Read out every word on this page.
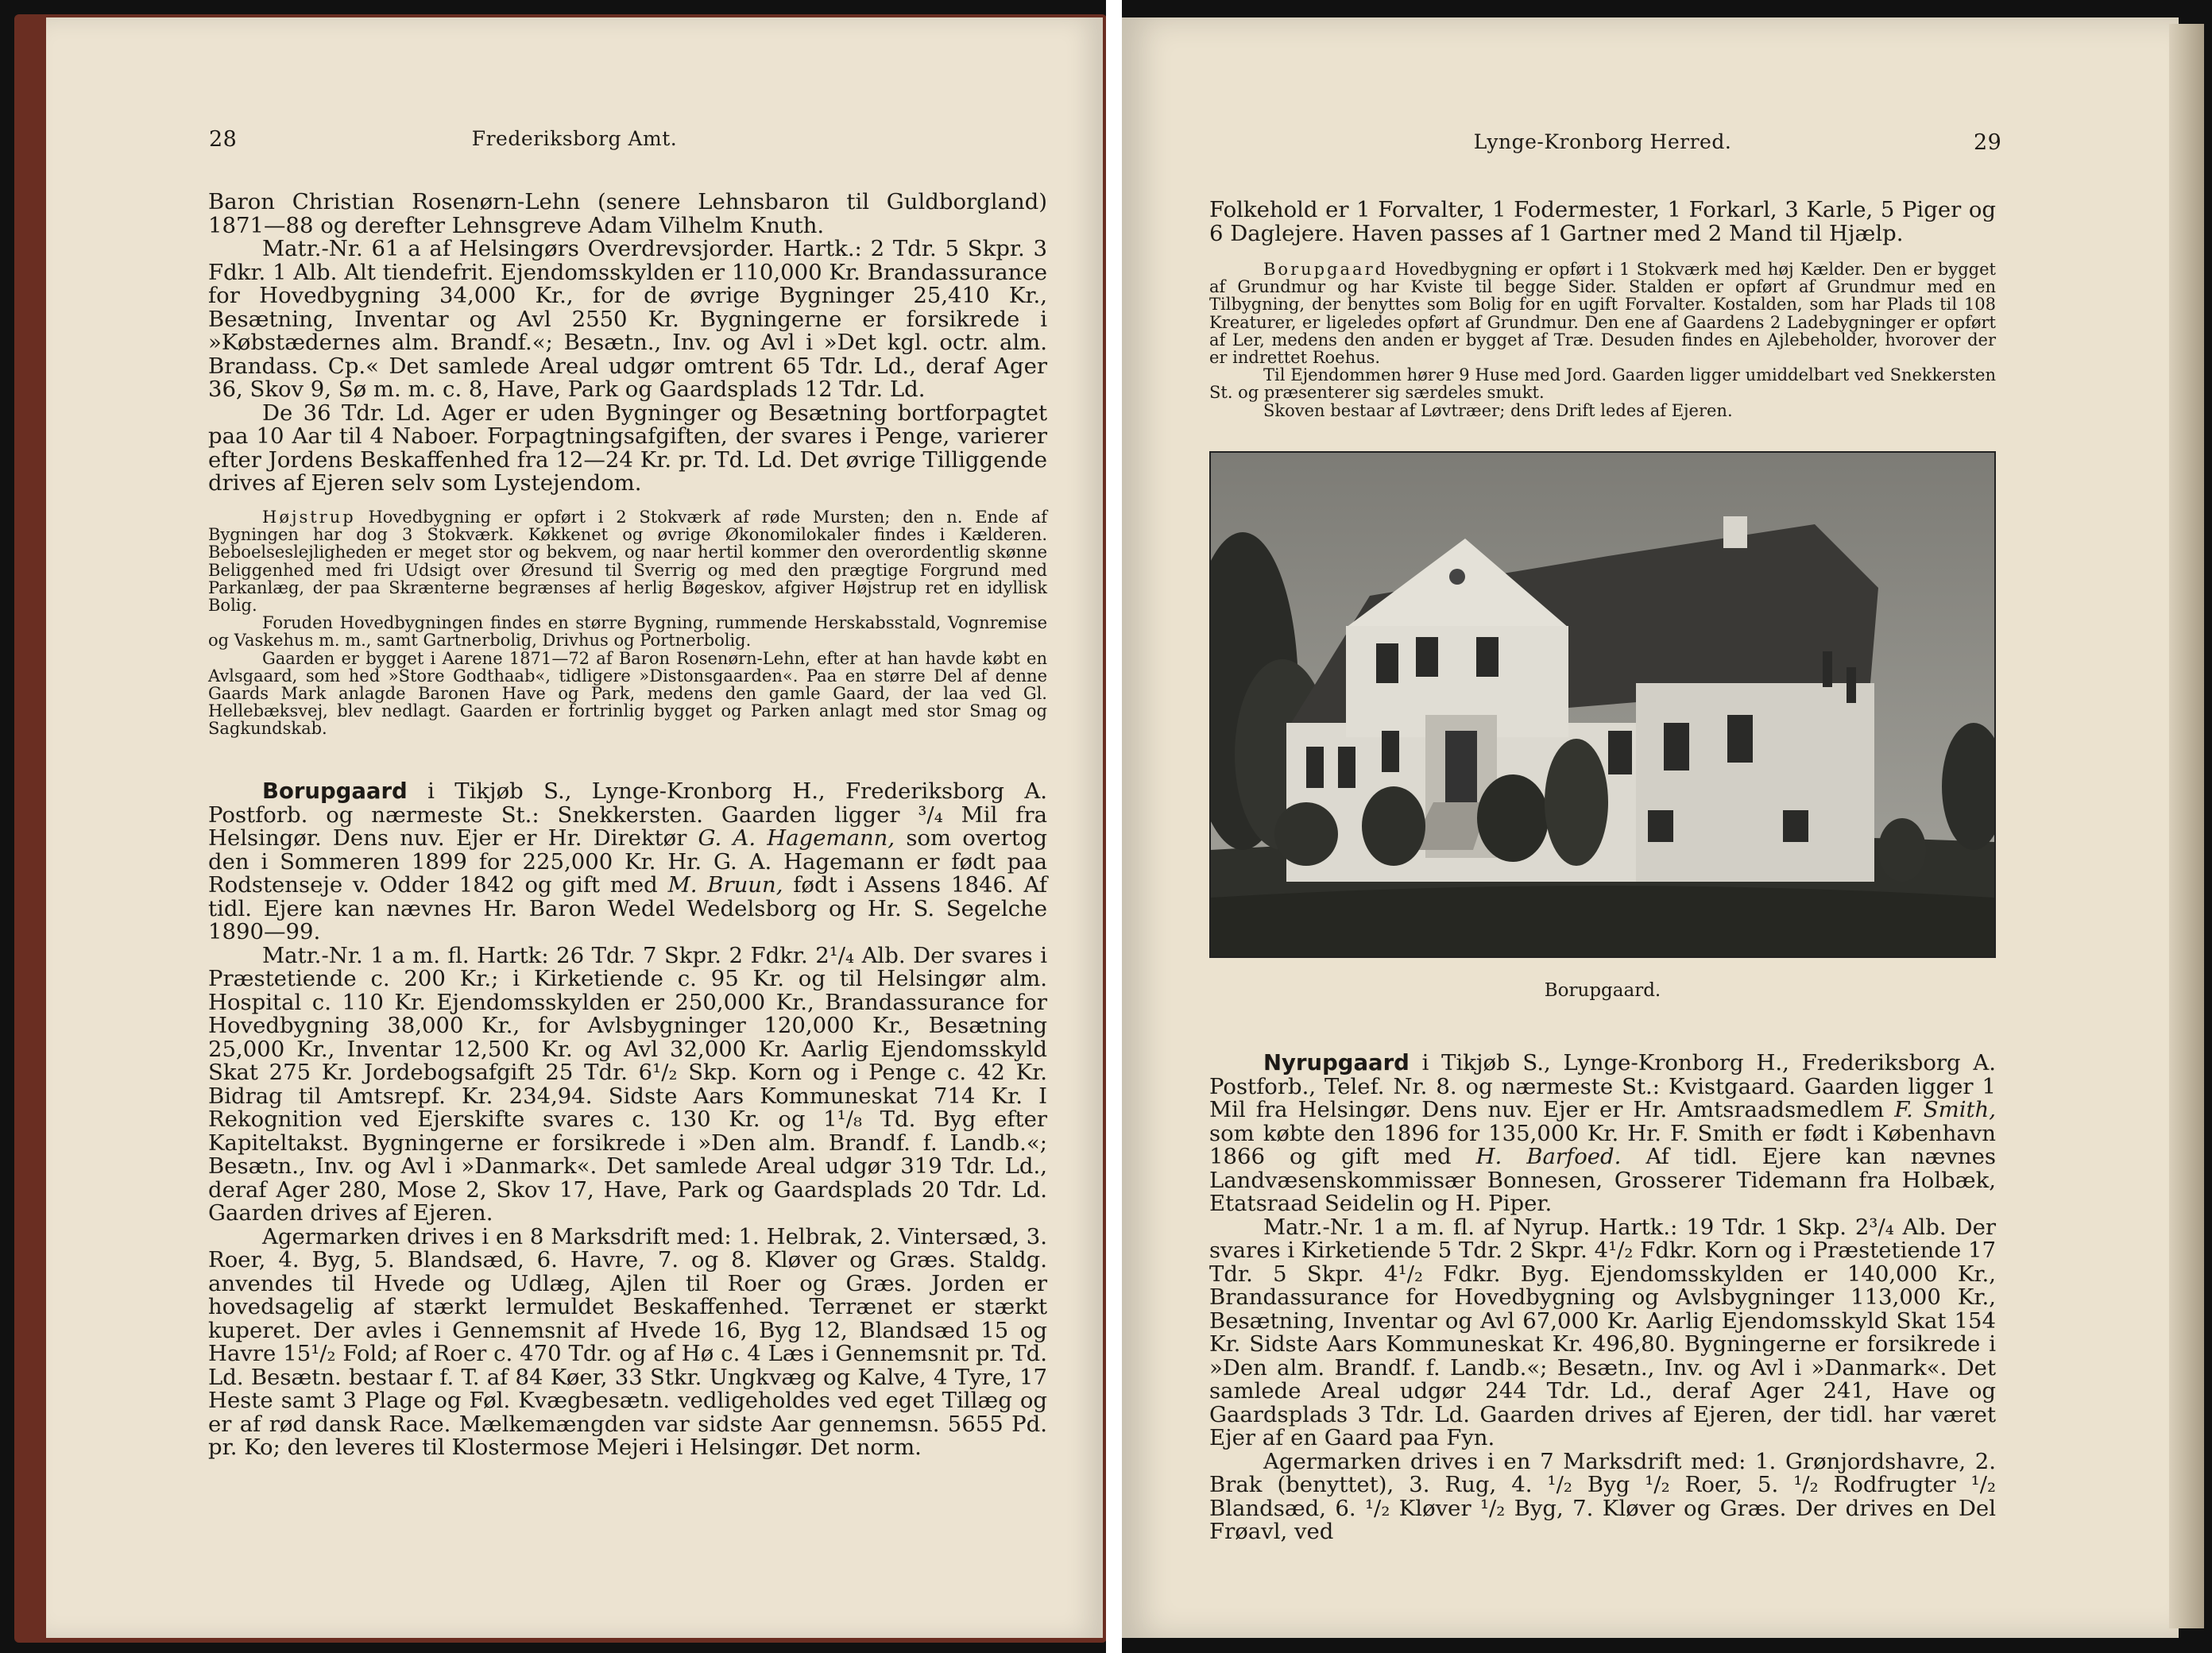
28	Frederiksborg Amt.

Baron Christian Rosenørn-Lehn (senere Lehnsbaron til Guldborgland) 1871—88 og derefter Lehnsgreve Adam Vilhelm Knuth.

Matr.-Nr. 61 a af Helsingørs Overdrevsjorder. Hartk.: 2 Tdr. 5 Skpr. 3 Fdkr. 1 Alb. Alt tiendefrit. Ejendomsskylden er 110,000 Kr. Brandassurance for Hovedbygning 34,000 Kr., for de øvrige Bygninger 25,410 Kr., Besætning, Inventar og Avl 2550 Kr. Bygningerne er forsikrede i »Købstædernes alm. Brandf.«; Besætn., Inv. og Avl i »Det kgl. octr. alm. Brandass. Cp.« Det samlede Areal udgør omtrent 65 Tdr. Ld., deraf Ager 36, Skov 9, Sø m. m. c. 8, Have, Park og Gaardsplads 12 Tdr. Ld.

De 36 Tdr. Ld. Ager er uden Bygninger og Besætning bortforpagtet paa 10 Aar til 4 Naboer. Forpagtningsafgiften, der svares i Penge, varierer efter Jordens Beskaffenhed fra 12—24 Kr. pr. Td. Ld. Det øvrige Tilliggende drives af Ejeren selv som Lystejendom.

Højstrup Hovedbygning er opført i 2 Stokværk af røde Mursten; den n. Ende af Bygningen har dog 3 Stokværk. Køkkenet og øvrige Økonomilokaler findes i Kælderen. Beboelseslejligheden er meget stor og bekvem, og naar hertil kommer den overordentlig skønne Beliggenhed med fri Udsigt over Øresund til Sverrig og med den prægtige Forgrund med Parkanlæg, der paa Skrænterne begrænses af herlig Bøgeskov, afgiver Højstrup ret en idyllisk Bolig.

Foruden Hovedbygningen findes en større Bygning, rummende Herskabsstald, Vognremise og Vaskehus m. m., samt Gartnerbolig, Drivhus og Portnerbolig.

Gaarden er bygget i Aarene 1871—72 af Baron Rosenørn-Lehn, efter at han havde købt en Avlsgaard, som hed »Store Godthaab«, tidligere »Distonsgaarden«. Paa en større Del af denne Gaards Mark anlagde Baronen Have og Park, medens den gamle Gaard, der laa ved Gl. Hellebæksvej, blev nedlagt. Gaarden er fortrinlig bygget og Parken anlagt med stor Smag og Sagkundskab.

Borupgaard i Tikjøb S., Lynge-Kronborg H., Frederiksborg A. Postforb. og nærmeste St.: Snekkersten. Gaarden ligger ³/₄ Mil fra Helsingør. Dens nuv. Ejer er Hr. Direktør G. A. Hagemann, som overtog den i Sommeren 1899 for 225,000 Kr. Hr. G. A. Hagemann er født paa Rodstenseje v. Odder 1842 og gift med M. Bruun, født i Assens 1846. Af tidl. Ejere kan nævnes Hr. Baron Wedel Wedelsborg og Hr. S. Segelche 1890—99.

Matr.-Nr. 1 a m. fl. Hartk: 26 Tdr. 7 Skpr. 2 Fdkr. 2¹/₄ Alb. Der svares i Præstetiende c. 200 Kr.; i Kirketiende c. 95 Kr. og til Helsingør alm. Hospital c. 110 Kr. Ejendomsskylden er 250,000 Kr., Brandassurance for Hovedbygning 38,000 Kr., for Avlsbygninger 120,000 Kr., Besætning 25,000 Kr., Inventar 12,500 Kr. og Avl 32,000 Kr. Aarlig Ejendomsskyld Skat 275 Kr. Jordebogsafgift 25 Tdr. 6¹/₂ Skp. Korn og i Penge c. 42 Kr. Bidrag til Amtsrepf. Kr. 234,94. Sidste Aars Kommuneskat 714 Kr. I Rekognition ved Ejerskifte svares c. 130 Kr. og 1¹/₈ Td. Byg efter Kapiteltakst. Bygningerne er forsikrede i »Den alm. Brandf. f. Landb.«; Besætn., Inv. og Avl i »Danmark«. Det samlede Areal udgør 319 Tdr. Ld., deraf Ager 280, Mose 2, Skov 17, Have, Park og Gaardsplads 20 Tdr. Ld. Gaarden drives af Ejeren.

Agermarken drives i en 8 Marksdrift med: 1. Helbrak, 2. Vintersæd, 3. Roer, 4. Byg, 5. Blandsæd, 6. Havre, 7. og 8. Kløver og Græs. Staldg. anvendes til Hvede og Udlæg, Ajlen til Roer og Græs. Jorden er hovedsagelig af stærkt lermuldet Beskaffenhed. Terrænet er stærkt kuperet. Der avles i Gennemsnit af Hvede 16, Byg 12, Blandsæd 15 og Havre 15¹/₂ Fold; af Roer c. 470 Tdr. og af Hø c. 4 Læs i Gennemsnit pr. Td. Ld. Besætn. bestaar f. T. af 84 Køer, 33 Stkr. Ungkvæg og Kalve, 4 Tyre, 17 Heste samt 3 Plage og Føl. Kvægbesætn. vedligeholdes ved eget Tillæg og er af rød dansk Race. Mælkemængden var sidste Aar gennemsn. 5655 Pd. pr. Ko; den leveres til Klostermose Mejeri i Helsingør. Det norm.

Lynge-Kronborg Herred.	29

Folkehold er 1 Forvalter, 1 Fodermester, 1 Forkarl, 3 Karle, 5 Piger og 6 Daglejere. Haven passes af 1 Gartner med 2 Mand til Hjælp.

Borupgaard Hovedbygning er opført i 1 Stokværk med høj Kælder. Den er bygget af Grundmur og har Kviste til begge Sider. Stalden er opført af Grundmur med en Tilbygning, der benyttes som Bolig for en ugift Forvalter. Kostalden, som har Plads til 108 Kreaturer, er ligeledes opført af Grundmur. Den ene af Gaardens 2 Ladebygninger er opført af Ler, medens den anden er bygget af Træ. Desuden findes en Ajlebeholder, hvorover der er indrettet Roehus.

Til Ejendommen hører 9 Huse med Jord. Gaarden ligger umiddelbart ved Snekkersten St. og præsenterer sig særdeles smukt.

Skoven bestaar af Løvtræer; dens Drift ledes af Ejeren.

Borupgaard.

Nyrupgaard i Tikjøb S., Lynge-Kronborg H., Frederiksborg A. Postforb., Telef. Nr. 8. og nærmeste St.: Kvistgaard. Gaarden ligger 1 Mil fra Helsingør. Dens nuv. Ejer er Hr. Amtsraadsmedlem F. Smith, som købte den 1896 for 135,000 Kr. Hr. F. Smith er født i København 1866 og gift med H. Barfoed. Af tidl. Ejere kan nævnes Landvæsenskommissær Bonnesen, Grosserer Tidemann fra Holbæk, Etatsraad Seidelin og H. Piper.

Matr.-Nr. 1 a m. fl. af Nyrup. Hartk.: 19 Tdr. 1 Skp. 2³/₄ Alb. Der svares i Kirketiende 5 Tdr. 2 Skpr. 4¹/₂ Fdkr. Korn og i Præstetiende 17 Tdr. 5 Skpr. 4¹/₂ Fdkr. Byg. Ejendomsskylden er 140,000 Kr., Brandassurance for Hovedbygning og Avlsbygninger 113,000 Kr., Besætning, Inventar og Avl 67,000 Kr. Aarlig Ejendomsskyld Skat 154 Kr. Sidste Aars Kommuneskat Kr. 496,80. Bygningerne er forsikrede i »Den alm. Brandf. f. Landb.«; Besætn., Inv. og Avl i »Danmark«. Det samlede Areal udgør 244 Tdr. Ld., deraf Ager 241, Have og Gaardsplads 3 Tdr. Ld. Gaarden drives af Ejeren, der tidl. har været Ejer af en Gaard paa Fyn.

Agermarken drives i en 7 Marksdrift med: 1. Grønjordshavre, 2. Brak (benyttet), 3. Rug, 4. ¹/₂ Byg ¹/₂ Roer, 5. ¹/₂ Rodfrugter ¹/₂ Blandsæd, 6. ¹/₂ Kløver ¹/₂ Byg, 7. Kløver og Græs. Der drives en Del Frøavl, ved
